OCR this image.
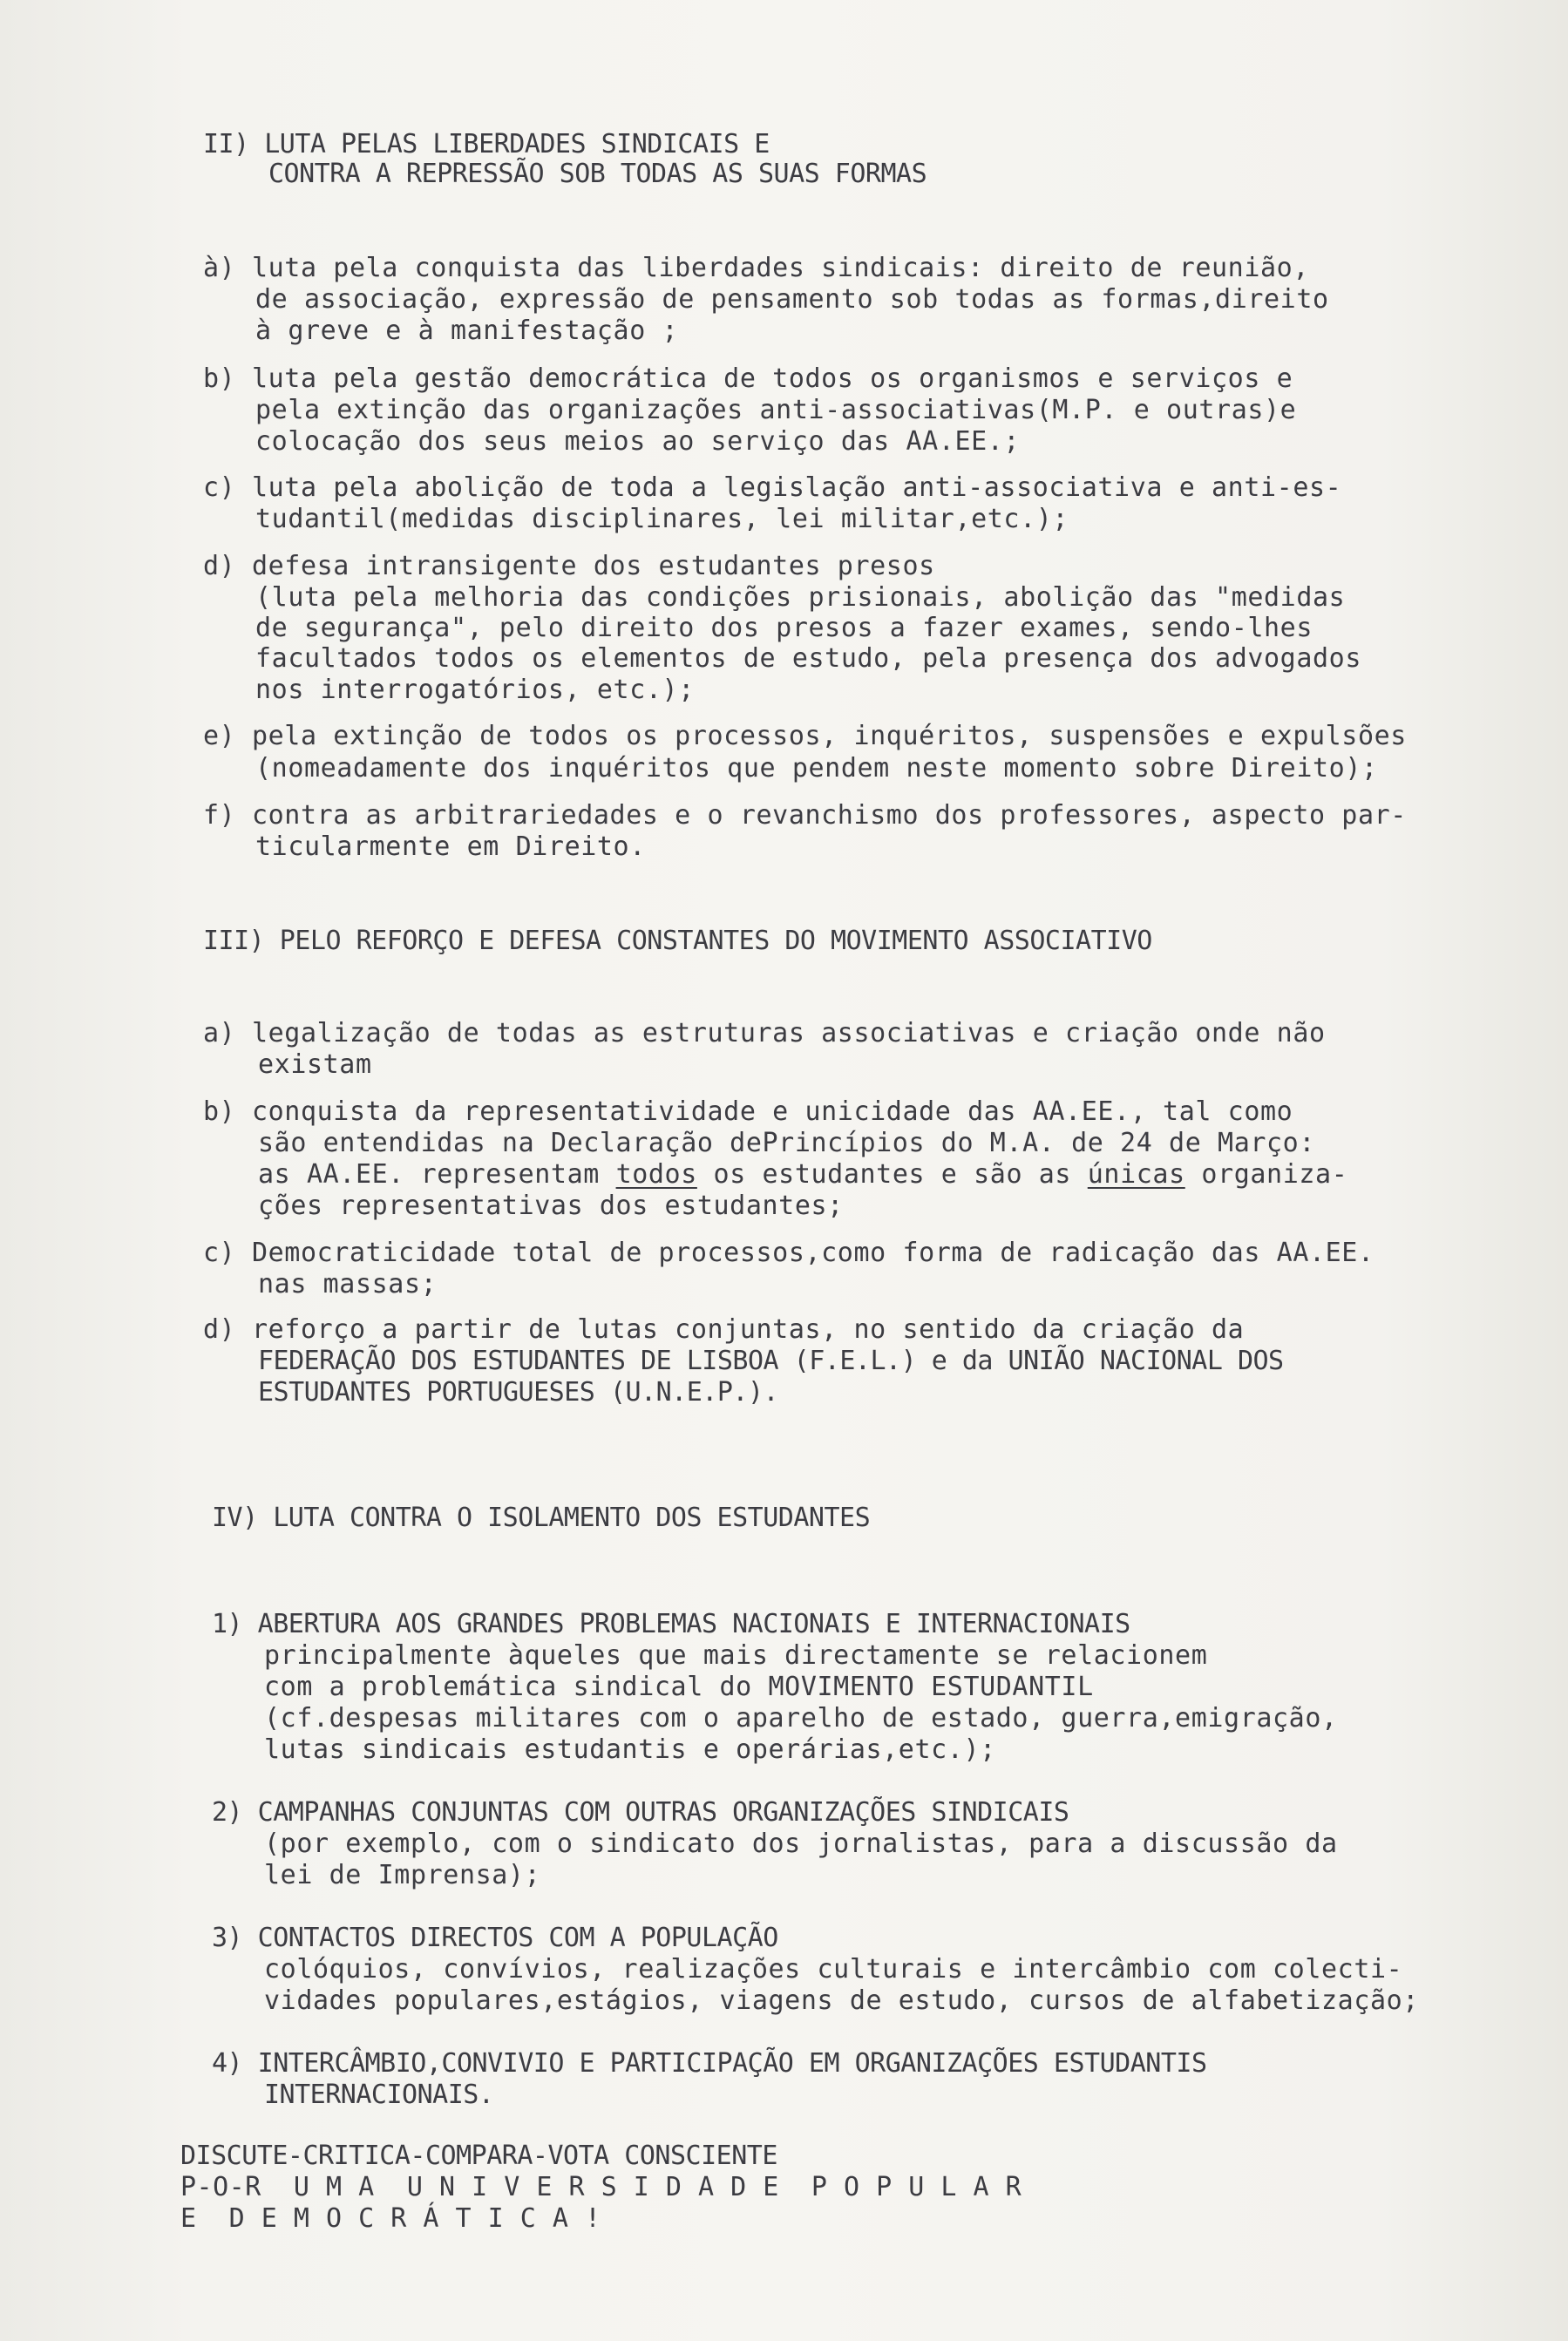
II) LUTA PELAS LIBERDADES SINDICAIS E
CONTRA A REPRESSÃO SOB TODAS AS SUAS FORMAS
à) luta pela conquista das liberdades sindicais: direito de reunião,
de associação, expressão de pensamento sob todas as formas,direito
à greve e à manifestação ;
b) luta pela gestão democrática de todos os organismos e serviços e
pela extinção das organizações anti-associativas(M.P. e outras)e
colocação dos seus meios ao serviço das AA.EE.;
c) luta pela abolição de toda a legislação anti-associativa e anti-es-
tudantil(medidas disciplinares, lei militar,etc.);
d) defesa intransigente dos estudantes presos
(luta pela melhoria das condições prisionais, abolição das "medidas
de segurança", pelo direito dos presos a fazer exames, sendo-lhes
facultados todos os elementos de estudo, pela presença dos advogados
nos interrogatórios, etc.);
e) pela extinção de todos os processos, inquéritos, suspensões e expulsões
(nomeadamente dos inquéritos que pendem neste momento sobre Direito);
f) contra as arbitrariedades e o revanchismo dos professores, aspecto par-
ticularmente em Direito.
III) PELO REFORÇO E DEFESA CONSTANTES DO MOVIMENTO ASSOCIATIVO
a) legalização de todas as estruturas associativas e criação onde não
existam
b) conquista da representatividade e unicidade das AA.EE., tal como
são entendidas na Declaração dePrincípios do M.A. de 24 de Março:
as AA.EE. representam todos os estudantes e são as únicas organiza-
ções representativas dos estudantes;
c) Democraticidade total de processos,como forma de radicação das AA.EE.
nas massas;
d) reforço a partir de lutas conjuntas, no sentido da criação da
FEDERAÇÃO DOS ESTUDANTES DE LISBOA (F.E.L.) e da UNIÃO NACIONAL DOS
ESTUDANTES PORTUGUESES (U.N.E.P.).
IV) LUTA CONTRA O ISOLAMENTO DOS ESTUDANTES
1) ABERTURA AOS GRANDES PROBLEMAS NACIONAIS E INTERNACIONAIS
principalmente àqueles que mais directamente se relacionem
com a problemática sindical do MOVIMENTO ESTUDANTIL
(cf.despesas militares com o aparelho de estado, guerra,emigração,
lutas sindicais estudantis e operárias,etc.);
2) CAMPANHAS CONJUNTAS COM OUTRAS ORGANIZAÇÕES SINDICAIS
(por exemplo, com o sindicato dos jornalistas, para a discussão da
lei de Imprensa);
3) CONTACTOS DIRECTOS COM A POPULAÇÃO
colóquios, convívios, realizações culturais e intercâmbio com colecti-
vidades populares,estágios, viagens de estudo, cursos de alfabetização;
4) INTERCÂMBIO,CONVIVIO E PARTICIPAÇÃO EM ORGANIZAÇÕES ESTUDANTIS
INTERNACIONAIS.
DISCUTE-CRITICA-COMPARA-VOTA CONSCIENTE
P-O-R  U M A  U N I V E R S I D A D E  P O P U L A R
E  D E M O C R Á T I C A !
